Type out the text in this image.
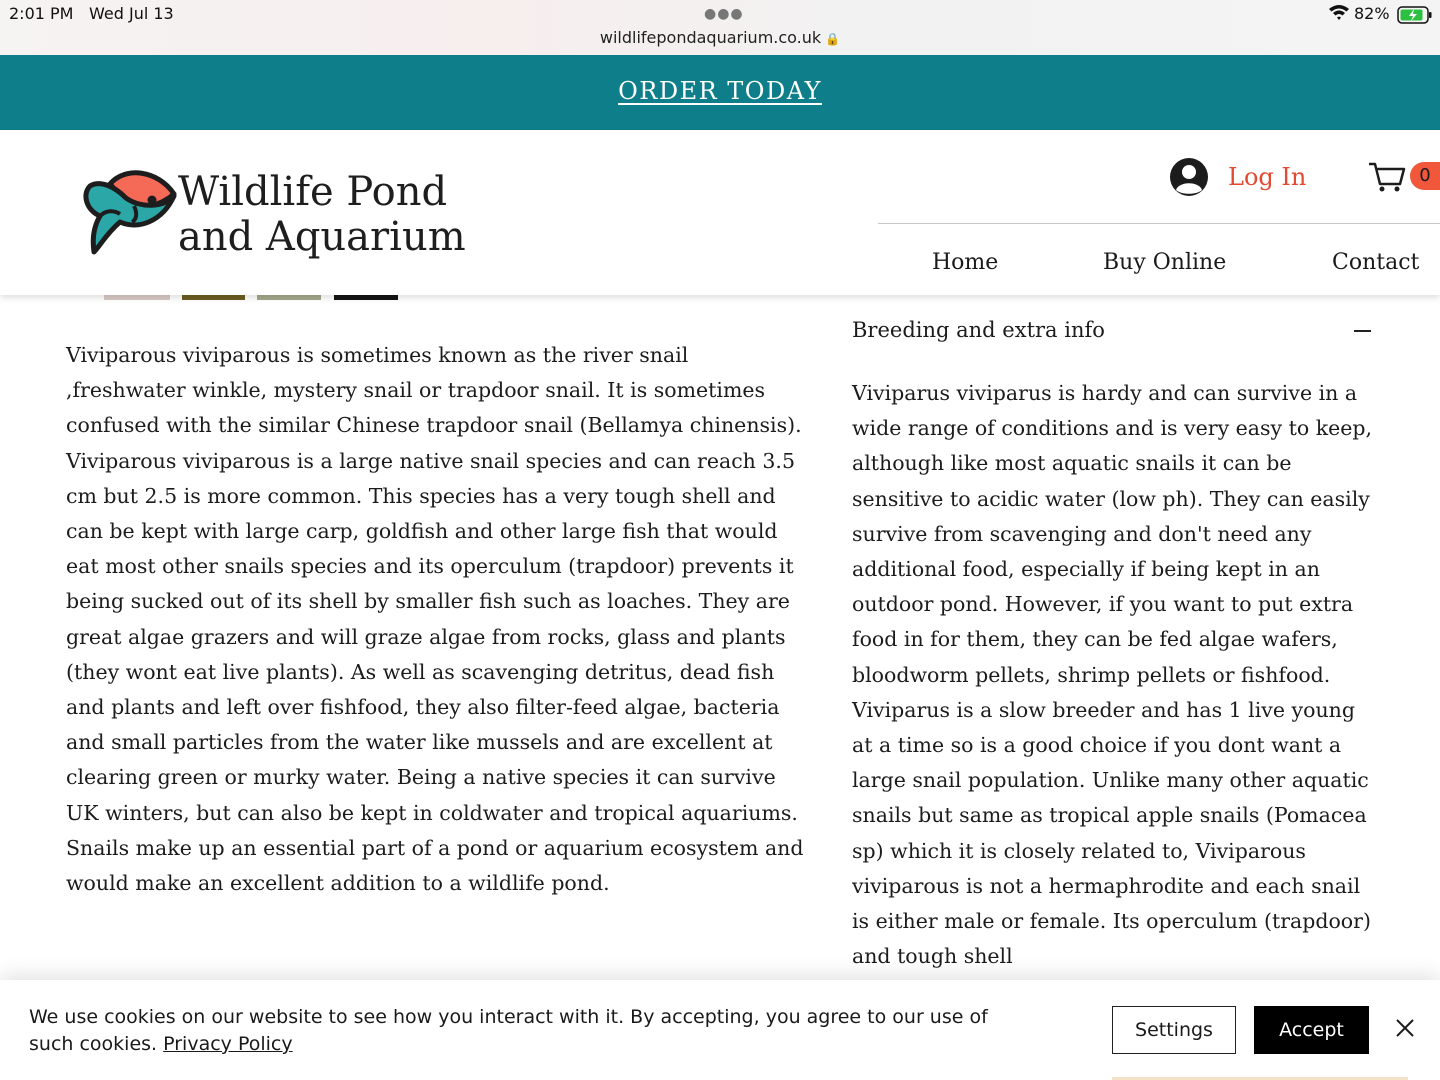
2:01 PM Wed Jul 13	●●●
wildlifepondaquarium.co.uk 🔒
82%
ORDER TODAY
Wildlife Pond
and Aquarium
Log In	0
Home	Buy Online	Contact
Viviparous viviparous is sometimes known as the river snail ,freshwater winkle, mystery snail or trapdoor snail. It is sometimes confused with the similar Chinese trapdoor snail (Bellamya chinensis). Viviparous viviparous is a large native snail species and can reach 3.5 cm but 2.5 is more common. This species has a very tough shell and can be kept with large carp, goldfish and other large fish that would eat most other snails species and its operculum (trapdoor) prevents it being sucked out of its shell by smaller fish such as loaches. They are great algae grazers and will graze algae from rocks, glass and plants (they wont eat live plants). As well as scavenging detritus, dead fish and plants and left over fishfood, they also filter-feed algae, bacteria and small particles from the water like mussels and are excellent at clearing green or murky water. Being a native species it can survive UK winters, but can also be kept in coldwater and tropical aquariums. Snails make up an essential part of a pond or aquarium ecosystem and would make an excellent addition to a wildlife pond.
Breeding and extra info
Viviparus viviparus is hardy and can survive in a wide range of conditions and is very easy to keep, although like most aquatic snails it can be sensitive to acidic water (low ph). They can easily survive from scavenging and don't need any additional food, especially if being kept in an outdoor pond. However, if you want to put extra food in for them, they can be fed algae wafers, bloodworm pellets, shrimp pellets or fishfood. Viviparus is a slow breeder and has 1 live young at a time so is a good choice if you dont want a large snail population. Unlike many other aquatic snails but same as tropical apple snails (Pomacea sp) which it is closely related to, Viviparous viviparous is not a hermaphrodite and each snail is either male or female. Its operculum (trapdoor) and tough shell
We use cookies on our website to see how you interact with it. By accepting, you agree to our use of such cookies. Privacy Policy
Settings	Accept
